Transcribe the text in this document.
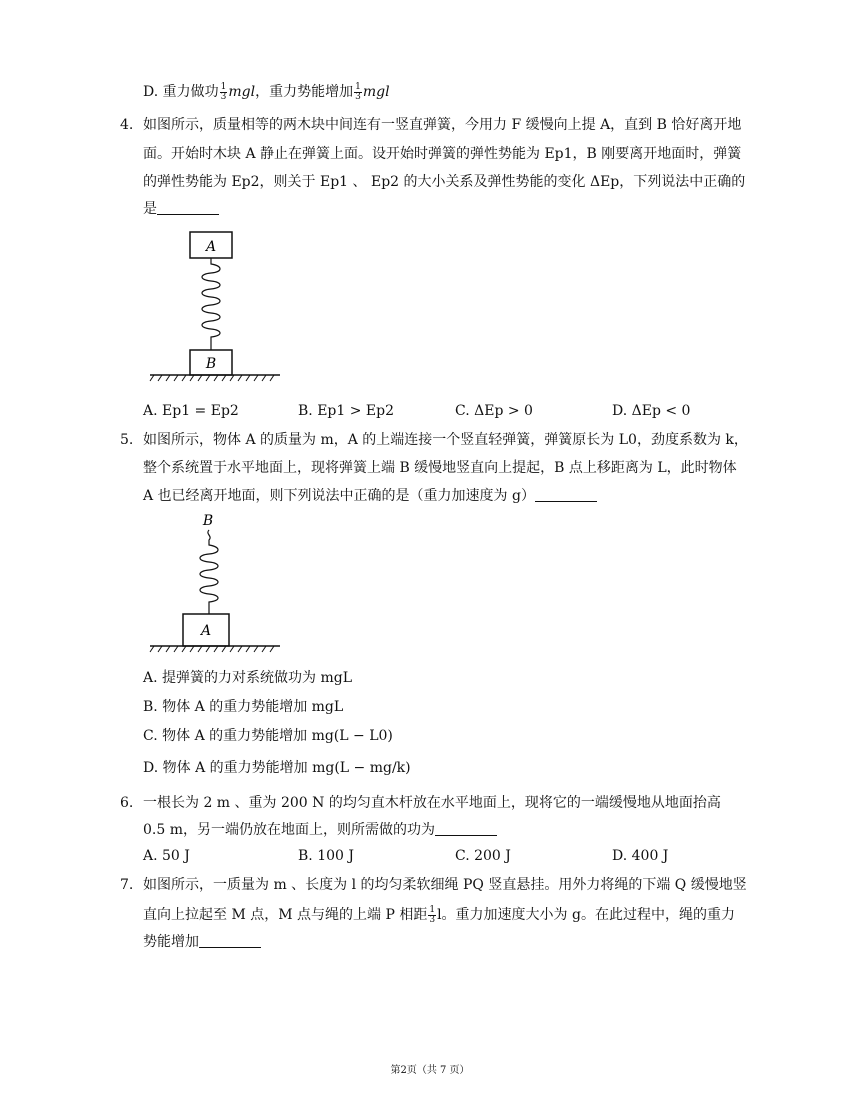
D. 重力做功 $\frac{1}{3}$ mgl，重力势能增加 $\frac{1}{3}$ mgl
4. 如图所示，质量相等的两木块中间连有一竖直弹簧，今用力 F 缓慢向上提 A，直到 B 恰好离开地
面。开始时木块 A 静止在弹簧上面。设开始时弹簧的弹性势能为 Ep1，B 刚要离开地面时，弹簧
的弹性势能为 Ep2，则关于 Ep1 、 Ep2 的大小关系及弹性势能的变化 ΔEp，下列说法中正确的
是
A
B
A. Ep1 = Ep2	B. Ep1 > Ep2	C. ΔEp > 0	D. ΔEp < 0
5. 如图所示，物体 A 的质量为 m，A 的上端连接一个竖直轻弹簧，弹簧原长为 L0，劲度系数为 k，
整个系统置于水平地面上，现将弹簧上端 B 缓慢地竖直向上提起，B 点上移距离为 L，此时物体
A 也已经离开地面，则下列说法中正确的是（重力加速度为 g）
B
A
A. 提弹簧的力对系统做功为 mgL
B. 物体 A 的重力势能增加 mgL
C. 物体 A 的重力势能增加 mg(L − L0)
D. 物体 A 的重力势能增加 mg(L − mg/k)
6. 一根长为 2 m 、重为 200 N 的均匀直木杆放在水平地面上，现将它的一端缓慢地从地面抬高
0.5 m，另一端仍放在地面上，则所需做的功为
A. 50 J	B. 100 J	C. 200 J	D. 400 J
7. 如图所示，一质量为 m 、长度为 l 的均匀柔软细绳 PQ 竖直悬挂。用外力将绳的下端 Q 缓慢地竖
直向上拉起至 M 点，M 点与绳的上端 P 相距 $\frac{1}{3}$ l。重力加速度大小为 g。在此过程中，绳的重力
势能增加
第2页（共 7 页）
